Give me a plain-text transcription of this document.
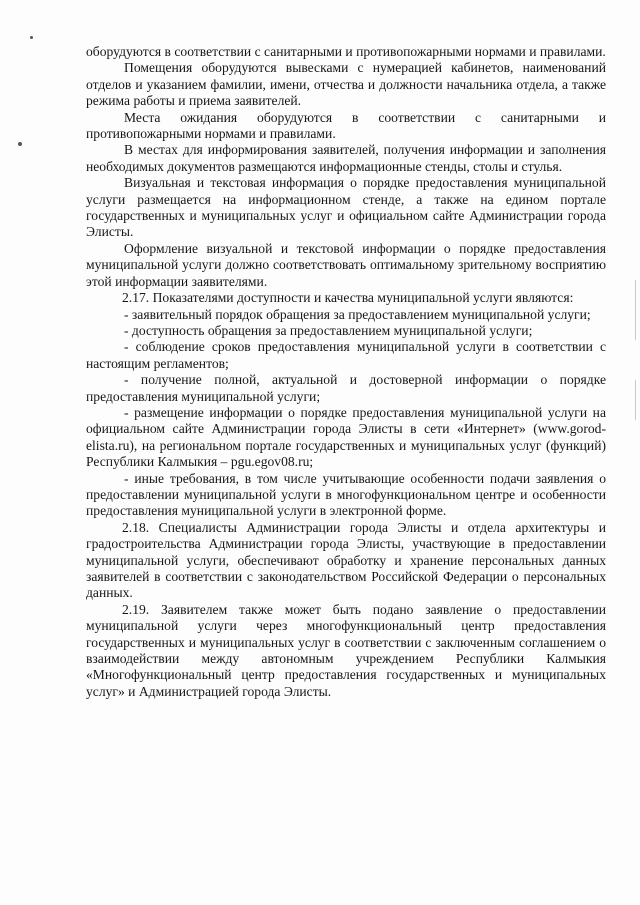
оборудуются в соответствии с санитарными и противопожарными нормами и правилами.

Помещения оборудуются вывесками с нумерацией кабинетов, наименований отделов и указанием фамилии, имени, отчества и должности начальника отдела, а также режима работы и приема заявителей.

Места ожидания оборудуются в соответствии с санитарными и противопожарными нормами и правилами.

В местах для информирования заявителей, получения информации и заполнения необходимых документов размещаются информационные стенды, столы и стулья.

Визуальная и текстовая информация о порядке предоставления муниципальной услуги размещается на информационном стенде, а также на едином портале государственных и муниципальных услуг и официальном сайте Администрации города Элисты.

Оформление визуальной и текстовой информации о порядке предоставления муниципальной услуги должно соответствовать оптимальному зрительному восприятию этой информации заявителями.

2.17. Показателями доступности и качества муниципальной услуги являются:

- заявительный порядок обращения за предоставлением муниципальной услуги;

- доступность обращения за предоставлением муниципальной услуги;

- соблюдение сроков предоставления муниципальной услуги в соответствии с настоящим регламентов;

- получение полной, актуальной и достоверной информации о порядке предоставления муниципальной услуги;

- размещение информации о порядке предоставления муниципальной услуги на официальном сайте Администрации города Элисты в сети «Интернет» (www.gorod-elista.ru), на региональном портале государственных и муниципальных услуг (функций) Республики Калмыкия – pgu.egov08.ru;

- иные требования, в том числе учитывающие особенности подачи заявления о предоставлении муниципальной услуги в многофункциональном центре и особенности предоставления муниципальной услуги в электронной форме.

2.18. Специалисты Администрации города Элисты и отдела архитектуры и градостроительства Администрации города Элисты, участвующие в предоставлении муниципальной услуги, обеспечивают обработку и хранение персональных данных заявителей в соответствии с законодательством Российской Федерации о персональных данных.

2.19. Заявителем также может быть подано заявление о предоставлении муниципальной услуги через многофункциональный центр предоставления государственных и муниципальных услуг в соответствии с заключенным соглашением о взаимодействии между автономным учреждением Республики Калмыкия «Многофункциональный центр предоставления государственных и муниципальных услуг» и Администрацией города Элисты.
